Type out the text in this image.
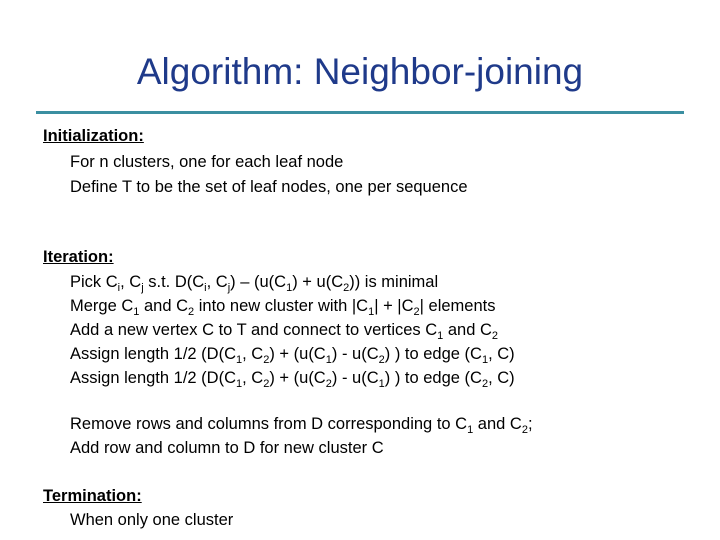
Algorithm: Neighbor-joining
Initialization:
For n clusters, one for each leaf node
Define T to be the set of leaf nodes, one per sequence
Iteration:
Pick $C_i$, $C_j$ s.t. $D(C_i$, $C_j) - (u(C_1) + u(C_2))$ is minimal
Merge $C_1$ and $C_2$ into new cluster with $|C_1| + |C_2|$ elements
Add a new vertex C to T and connect to vertices $C_1$ and $C_2$
Assign length 1/2 ($D(C_1$, $C_2) + (u(C_1) - u(C_2)$ ) to edge ($C_1$, C)
Assign length 1/2 ($D(C_1$, $C_2) + (u(C_2) - u(C_1)$ ) to edge ($C_2$, C)
Remove rows and columns from D corresponding to $C_1$ and $C_2$;
Add row and column to D for new cluster C
Termination:
When only one cluster
